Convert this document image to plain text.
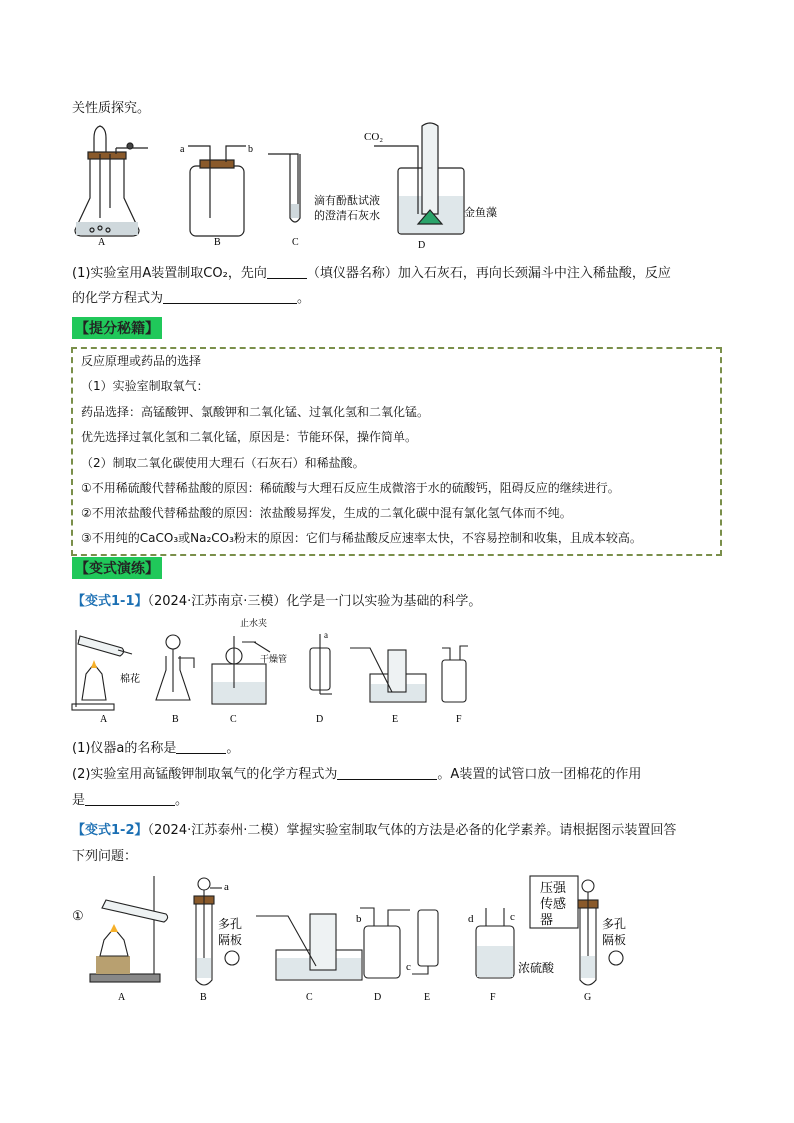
关性质探究。
A
a	b
B
滴有酚酞试液
的澄清石灰水
C
CO₂
金鱼藻
D
(1)实验室用A装置制取CO₂，先向	（填仪器名称）加入石灰石，再向长颈漏斗中注入稀盐酸，反应
的化学方程式为	。
【提分秘籍】
反应原理或药品的选择
（1）实验室制取氧气：
药品选择：高锰酸钾、氯酸钾和二氧化锰、过氧化氢和二氧化锰。
优先选择过氧化氢和二氧化锰，原因是：节能环保，操作简单。
（2）制取二氧化碳使用大理石（石灰石）和稀盐酸。
①不用稀硫酸代替稀盐酸的原因：稀硫酸与大理石反应生成微溶于水的硫酸钙，阻碍反应的继续进行。
②不用浓盐酸代替稀盐酸的原因：浓盐酸易挥发，生成的二氧化碳中混有氯化氢气体而不纯。
③不用纯的CaCO₃或Na₂CO₃粉末的原因：它们与稀盐酸反应速率太快，不容易控制和收集，且成本较高。
【变式演练】
【变式1-1】（2024·江苏南京·三模）化学是一门以实验为基础的科学。
棉花
止水夹
干燥管
a
A	B	C	D	E	F
(1)仪器a的名称是	。
(2)实验室用高锰酸钾制取氧气的化学方程式为	。A装置的试管口放一团棉花的作用
是	。
【变式1-2】（2024·江苏泰州·二模）掌握实验室制取气体的方法是必备的化学素养。请根据图示装置回答
下列问题：
①
a
多孔
隔板
b
c
d	c
浓硫酸
压强
传感
器	多孔
隔板
A	B	C	D	E	F	G
